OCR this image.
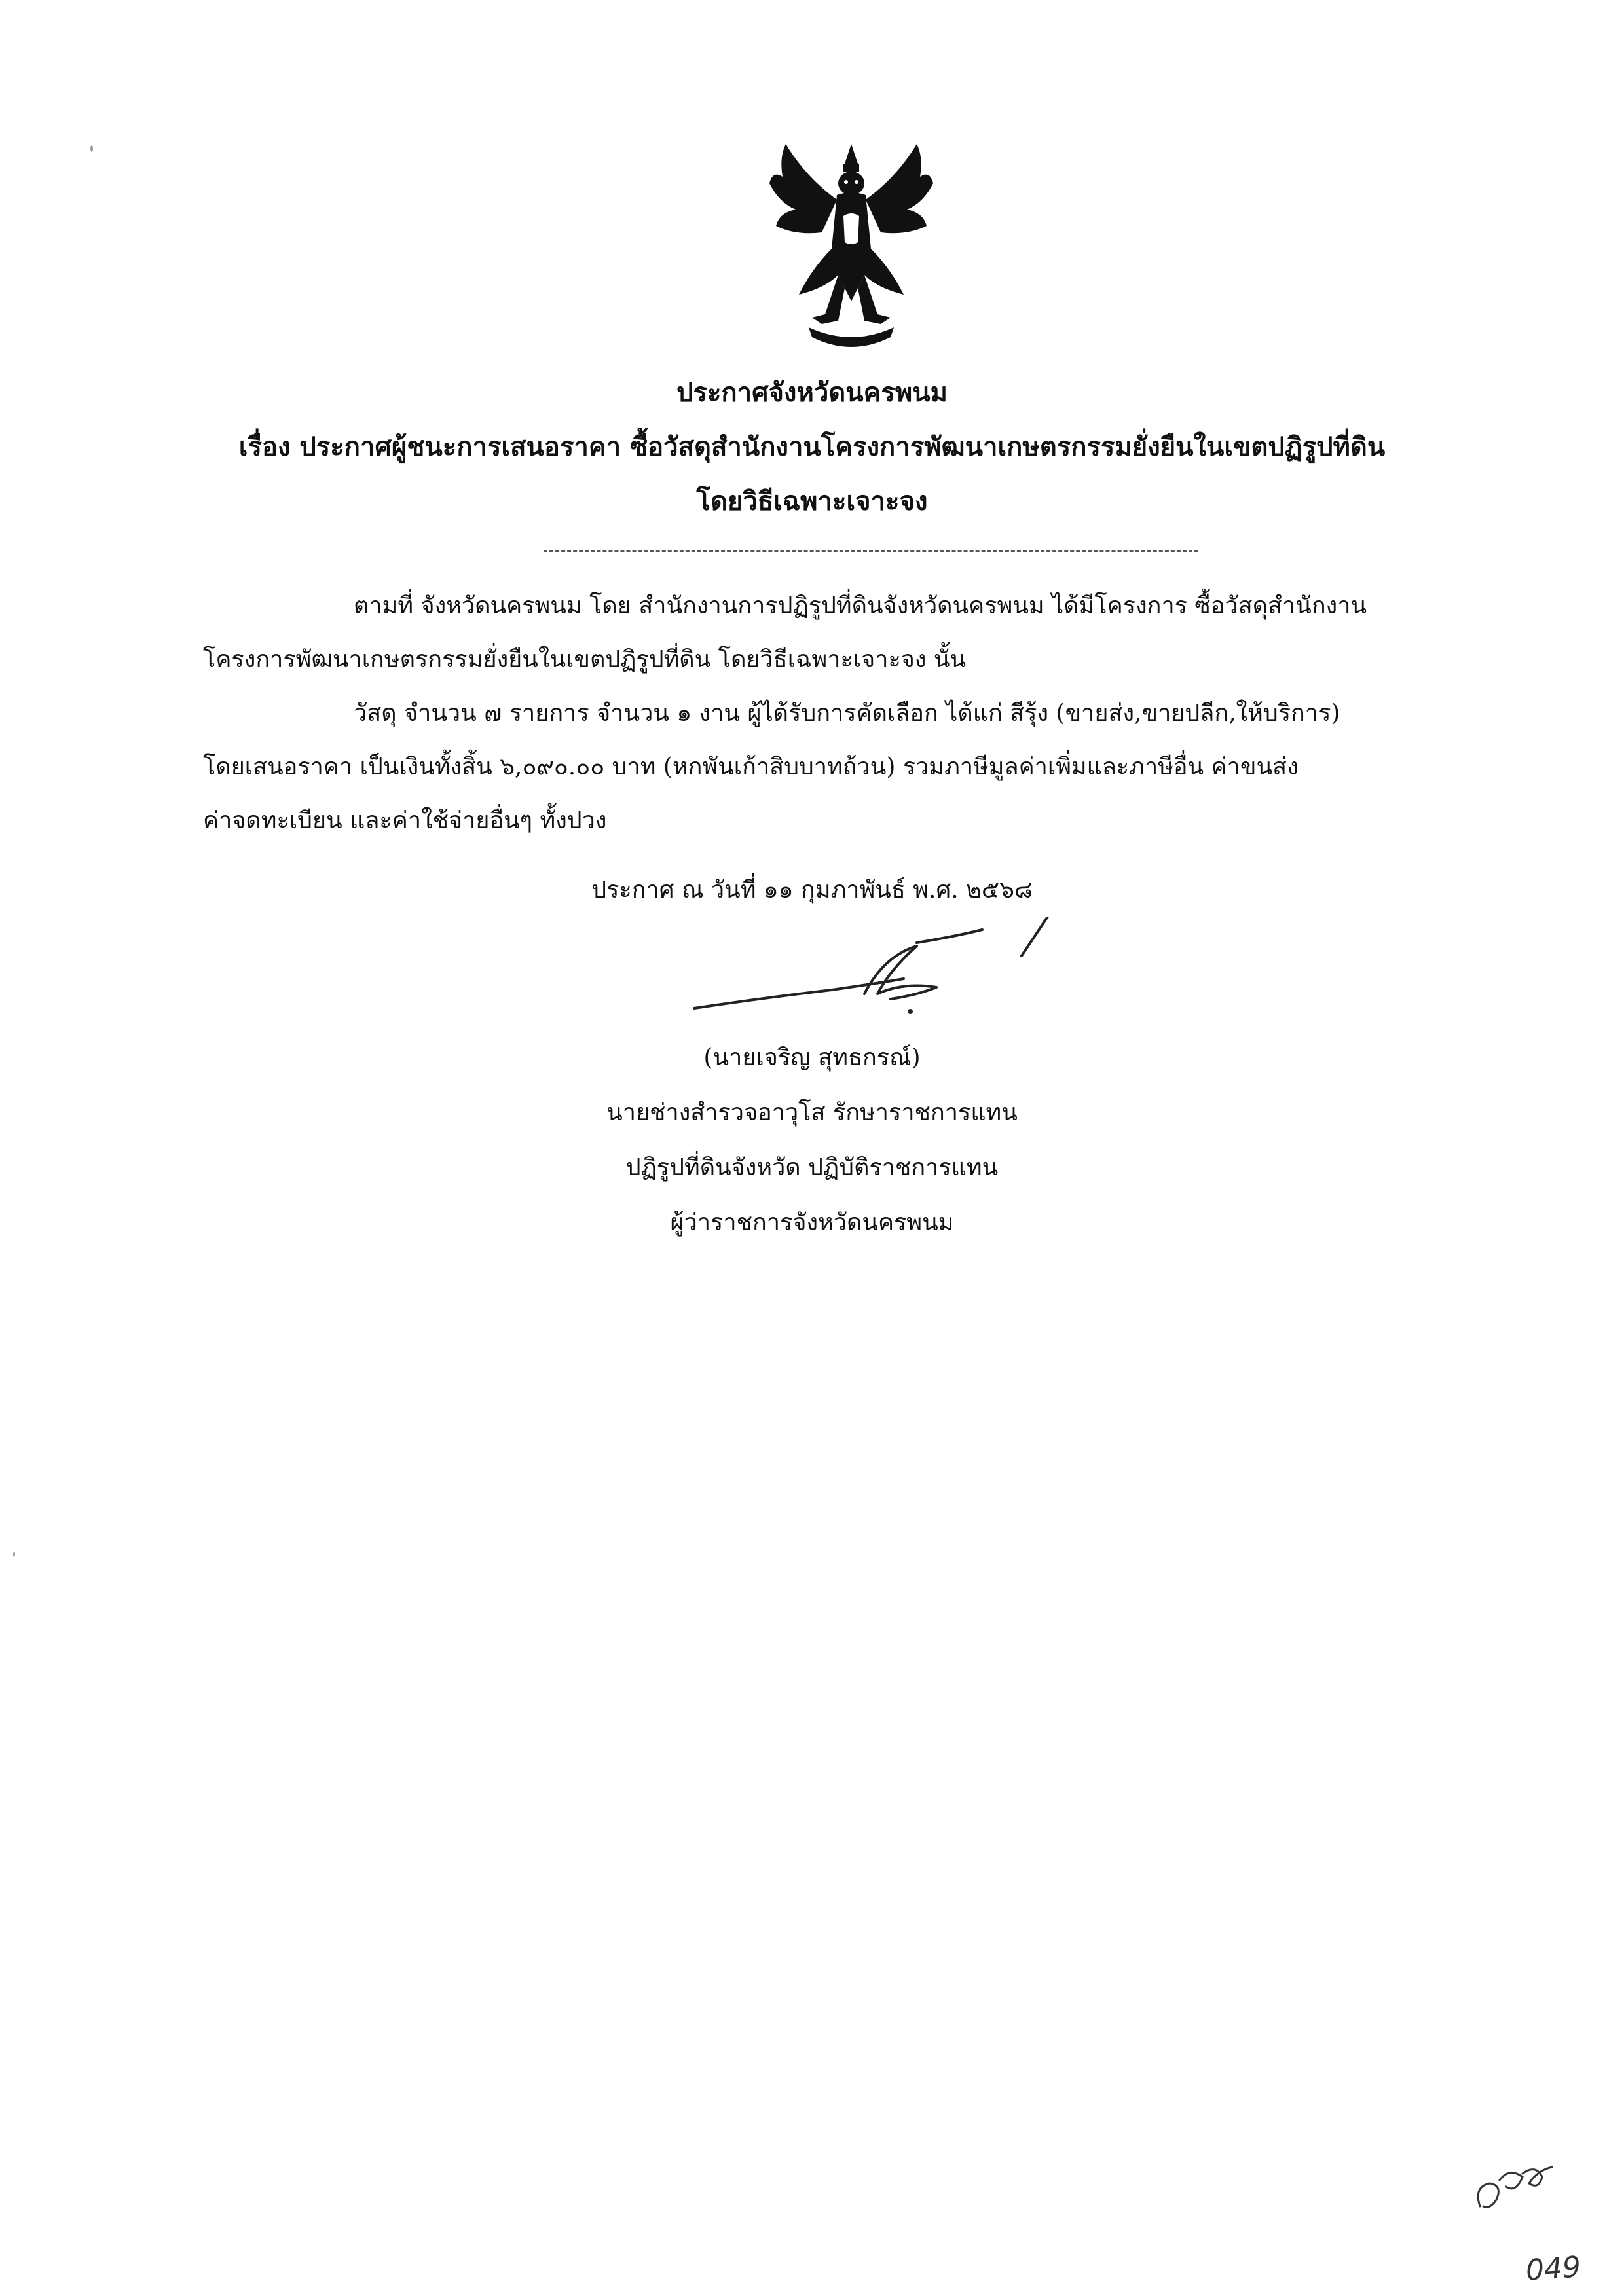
ประกาศจังหวัดนครพนม
เรื่อง ประกาศผู้ชนะการเสนอราคา ซื้อวัสดุสำนักงานโครงการพัฒนาเกษตรกรรมยั่งยืนในเขตปฏิรูปที่ดิน
โดยวิธีเฉพาะเจาะจง
ตามที่ จังหวัดนครพนม โดย สำนักงานการปฏิรูปที่ดินจังหวัดนครพนม ได้มีโครงการ ซื้อวัสดุสำนักงาน
โครงการพัฒนาเกษตรกรรมยั่งยืนในเขตปฏิรูปที่ดิน โดยวิธีเฉพาะเจาะจง นั้น
วัสดุ จำนวน ๗ รายการ จำนวน ๑ งาน ผู้ได้รับการคัดเลือก ได้แก่ สีรุ้ง (ขายส่ง,ขายปลีก,ให้บริการ)
โดยเสนอราคา เป็นเงินทั้งสิ้น ๖,๐๙๐.๐๐ บาท (หกพันเก้าสิบบาทถ้วน) รวมภาษีมูลค่าเพิ่มและภาษีอื่น ค่าขนส่ง
ค่าจดทะเบียน และค่าใช้จ่ายอื่นๆ ทั้งปวง
ประกาศ ณ วันที่ ๑๑ กุมภาพันธ์ พ.ศ. ๒๕๖๘
(นายเจริญ สุทธกรณ์)
นายช่างสำรวจอาวุโส รักษาราชการแทน
ปฏิรูปที่ดินจังหวัด ปฏิบัติราชการแทน
ผู้ว่าราชการจังหวัดนครพนม
049
